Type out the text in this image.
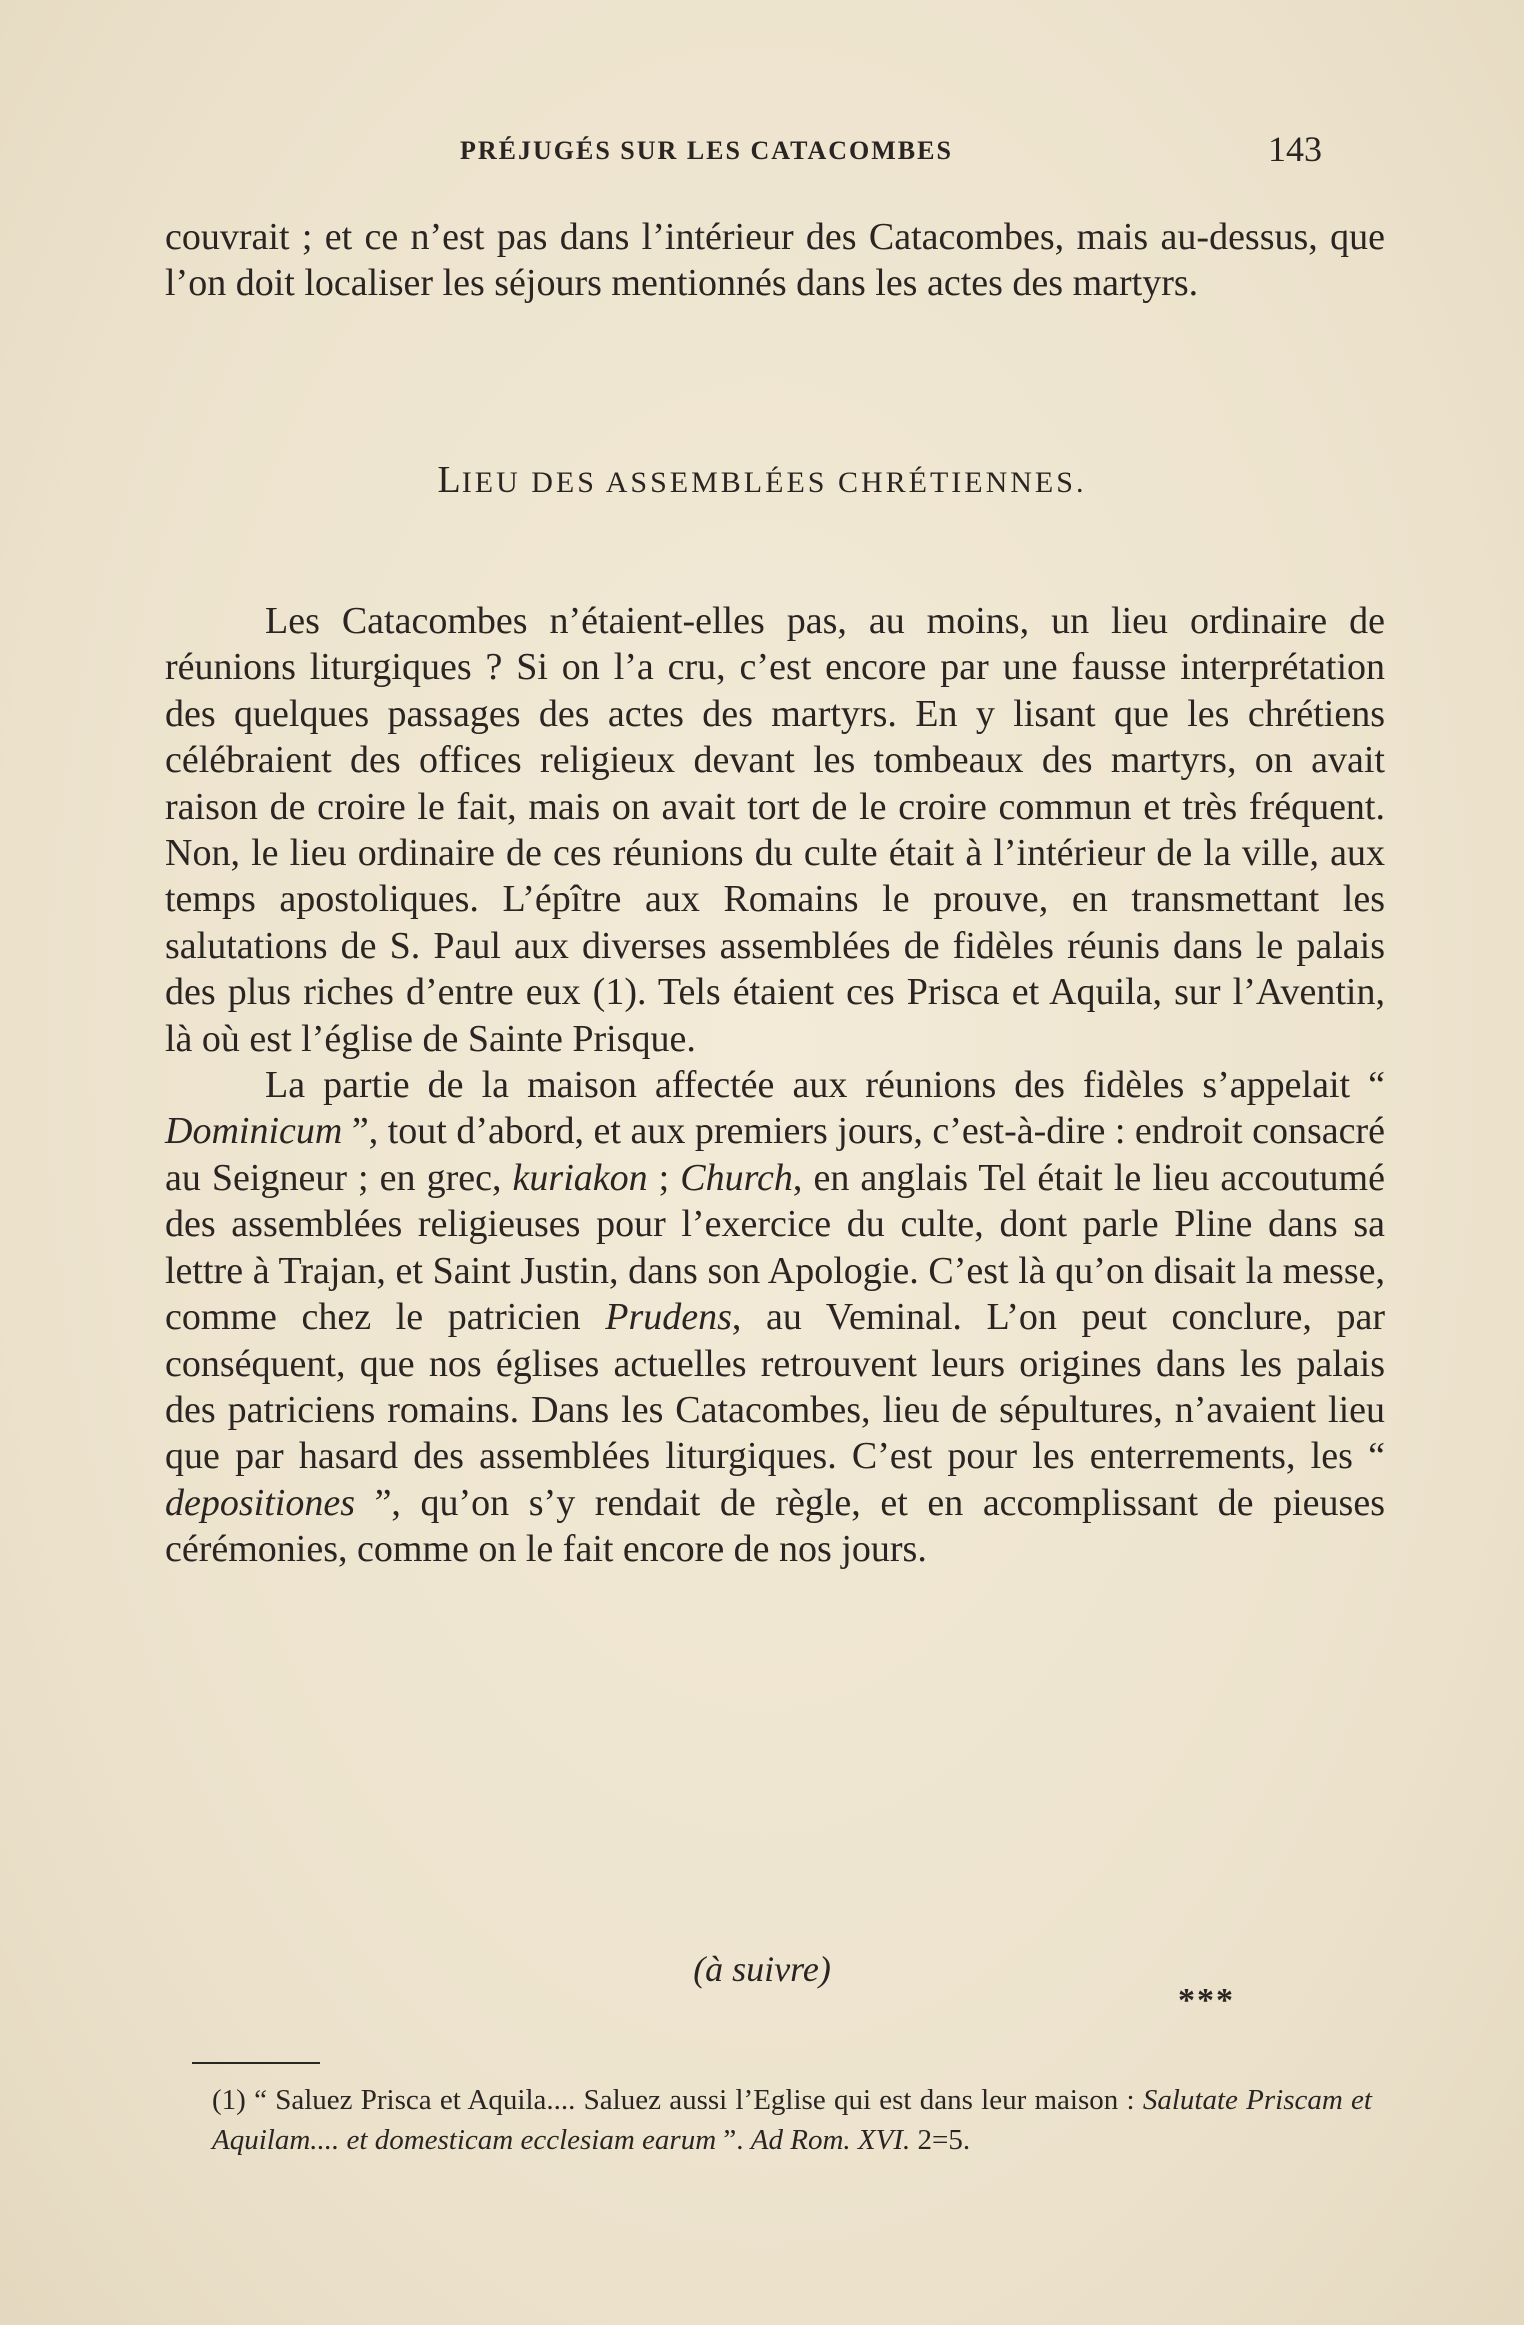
PRÉJUGÉS SUR LES CATACOMBES	143

couvrait ; et ce n’est pas dans l’intérieur des Catacombes, mais au-dessus, que l’on doit localiser les séjours mentionnés dans les actes des martyrs.

LIEU DES ASSEMBLÉES CHRÉTIENNES.

Les Catacombes n’étaient-elles pas, au moins, un lieu ordinaire de réunions liturgiques ? Si on l’a cru, c’est encore par une fausse interprétation des quelques passages des actes des martyrs. En y lisant que les chrétiens célébraient des offices religieux devant les tombeaux des martyrs, on avait raison de croire le fait, mais on avait tort de le croire commun et très fréquent. Non, le lieu ordinaire de ces réunions du culte était à l’intérieur de la ville, aux temps apostoliques. L’épître aux Romains le prouve, en transmettant les salutations de S. Paul aux diverses assemblées de fidèles réunis dans le palais des plus riches d’entre eux (1). Tels étaient ces Prisca et Aquila, sur l’Aventin, là où est l’église de Sainte Prisque.

La partie de la maison affectée aux réunions des fidèles s’appelait “ Dominicum ”, tout d’abord, et aux premiers jours, c’est-à-dire : endroit consacré au Seigneur ; en grec, kuriakon ; Church, en anglais Tel était le lieu accoutumé des assemblées religieuses pour l’exercice du culte, dont parle Pline dans sa lettre à Trajan, et Saint Justin, dans son Apologie. C’est là qu’on disait la messe, comme chez le patricien Prudens, au Veminal. L’on peut conclure, par conséquent, que nos églises actuelles retrouvent leurs origines dans les palais des patriciens romains. Dans les Catacombes, lieu de sépultures, n’avaient lieu que par hasard des assemblées liturgiques. C’est pour les enterrements, les “ depositiones ”, qu’on s’y rendait de règle, et en accomplissant de pieuses cérémonies, comme on le fait encore de nos jours.

(à suivre)
***
(1) “ Saluez Prisca et Aquila.... Saluez aussi l’Eglise qui est dans leur maison : Salutate Priscam et Aquilam.... et domesticam ecclesiam earum ”. Ad Rom. XVI. 2=5.
